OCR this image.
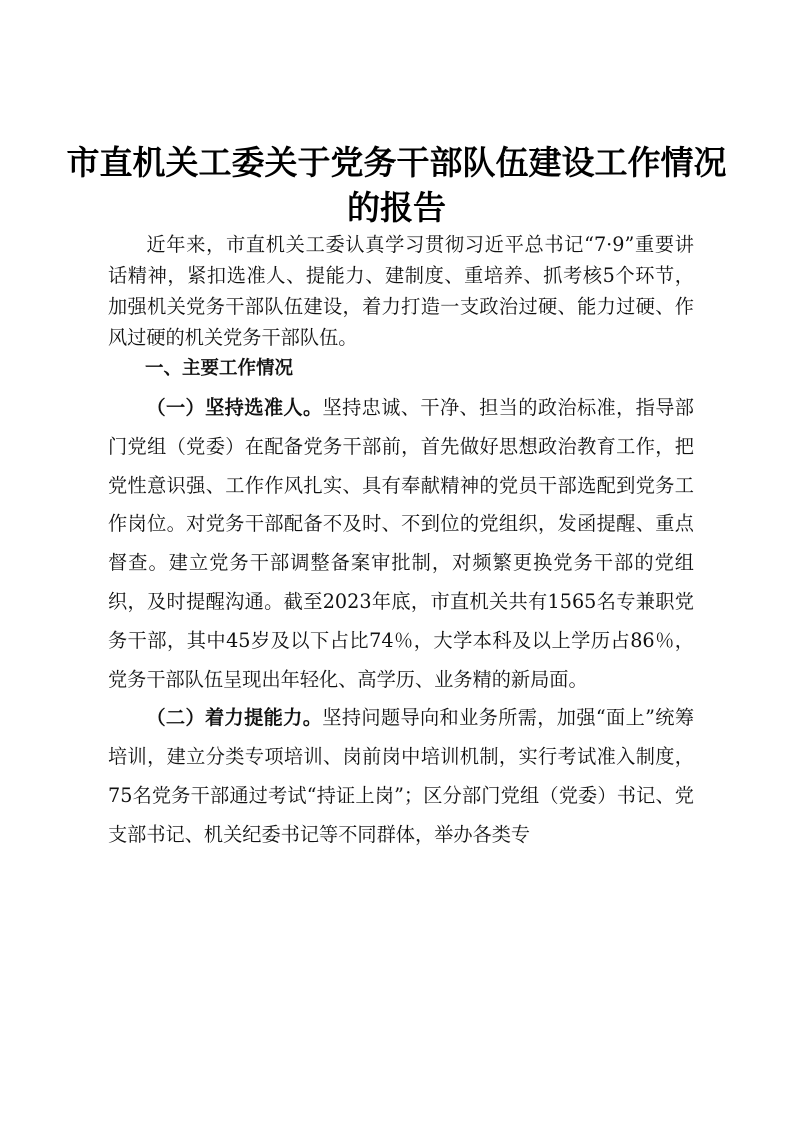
市直机关工委关于党务干部队伍建设工作情况
的报告

近年来，市直机关工委认真学习贯彻习近平总书记“7·9”重要讲话精神，紧扣选准人、提能力、建制度、重培养、抓考核5个环节，加强机关党务干部队伍建设，着力打造一支政治过硬、能力过硬、作风过硬的机关党务干部队伍。

一、主要工作情况

（一）坚持选准人。坚持忠诚、干净、担当的政治标准，指导部门党组（党委）在配备党务干部前，首先做好思想政治教育工作，把党性意识强、工作作风扎实、具有奉献精神的党员干部选配到党务工作岗位。对党务干部配备不及时、不到位的党组织，发函提醒、重点督查。建立党务干部调整备案审批制，对频繁更换党务干部的党组织，及时提醒沟通。截至2023年底，市直机关共有1565名专兼职党务干部，其中45岁及以下占比74％，大学本科及以上学历占86％，党务干部队伍呈现出年轻化、高学历、业务精的新局面。

（二）着力提能力。坚持问题导向和业务所需，加强“面上”统筹培训，建立分类专项培训、岗前岗中培训机制，实行考试准入制度，75名党务干部通过考试“持证上岗”；区分部门党组（党委）书记、党支部书记、机关纪委书记等不同群体，举办各类专
